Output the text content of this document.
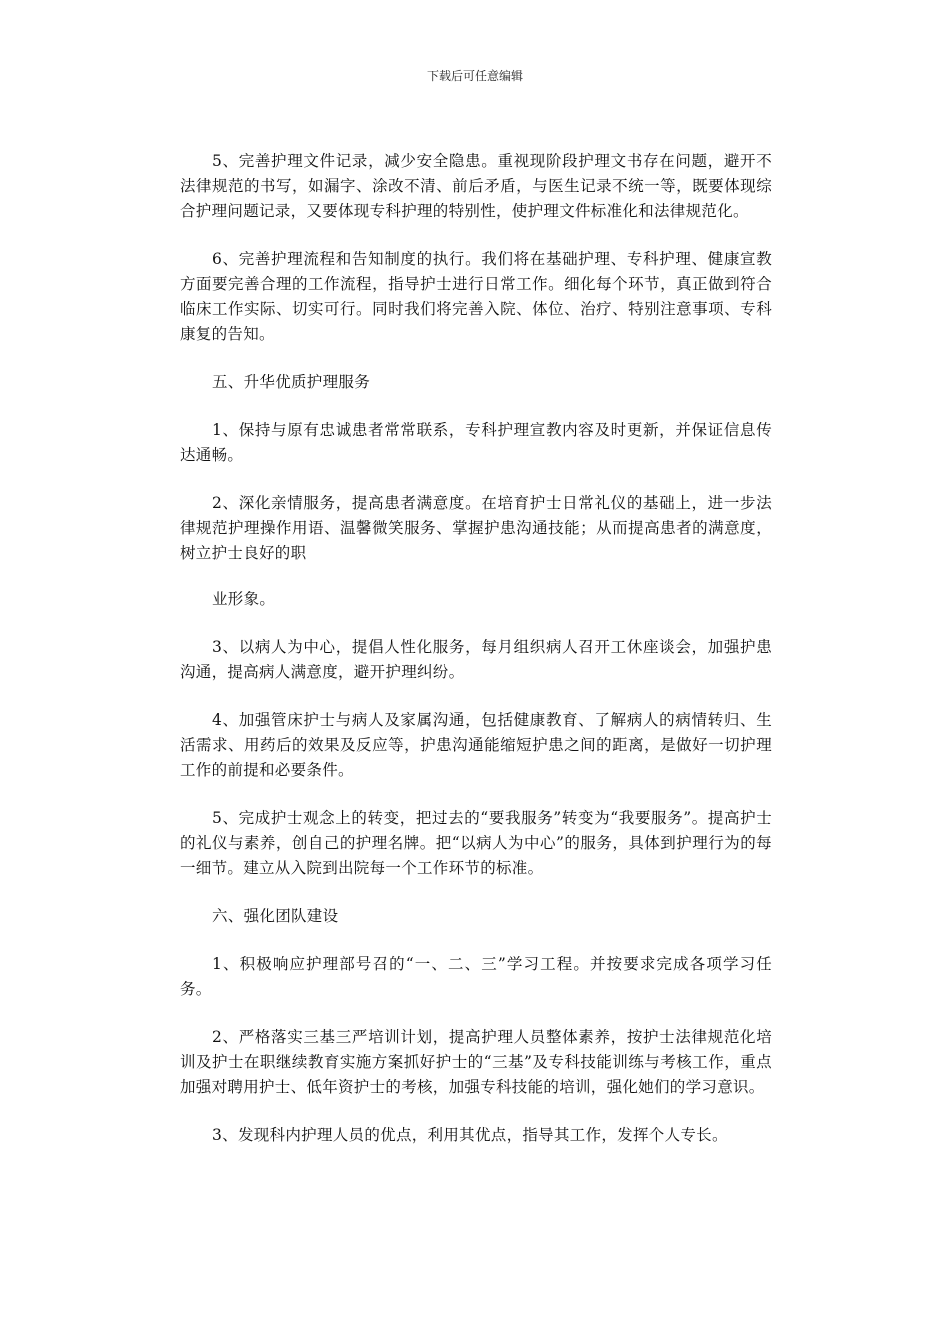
下载后可任意编辑

5、完善护理文件记录，减少安全隐患。重视现阶段护理文书存在问题，避开不法律规范的书写，如漏字、涂改不清、前后矛盾，与医生记录不统一等，既要体现综合护理问题记录，又要体现专科护理的特别性，使护理文件标准化和法律规范化。

6、完善护理流程和告知制度的执行。我们将在基础护理、专科护理、健康宣教方面要完善合理的工作流程，指导护士进行日常工作。细化每个环节，真正做到符合临床工作实际、切实可行。同时我们将完善入院、体位、治疗、特别注意事项、专科康复的告知。

五、升华优质护理服务

1、保持与原有忠诚患者常常联系，专科护理宣教内容及时更新，并保证信息传达通畅。

2、深化亲情服务，提高患者满意度。在培育护士日常礼仪的基础上，进一步法律规范护理操作用语、温馨微笑服务、掌握护患沟通技能；从而提高患者的满意度，树立护士良好的职

业形象。

3、以病人为中心，提倡人性化服务，每月组织病人召开工休座谈会，加强护患沟通，提高病人满意度，避开护理纠纷。

4、加强管床护士与病人及家属沟通，包括健康教育、了解病人的病情转归、生活需求、用药后的效果及反应等，护患沟通能缩短护患之间的距离，是做好一切护理工作的前提和必要条件。

5、完成护士观念上的转变，把过去的“要我服务”转变为“我要服务”。提高护士的礼仪与素养，创自己的护理名牌。把“以病人为中心”的服务，具体到护理行为的每一细节。建立从入院到出院每一个工作环节的标准。

六、强化团队建设

1、积极响应护理部号召的“一、二、三”学习工程。并按要求完成各项学习任务。

2、严格落实三基三严培训计划，提高护理人员整体素养，按护士法律规范化培训及护士在职继续教育实施方案抓好护士的“三基”及专科技能训练与考核工作，重点加强对聘用护士、低年资护士的考核，加强专科技能的培训，强化她们的学习意识。

3、发现科内护理人员的优点，利用其优点，指导其工作，发挥个人专长。
